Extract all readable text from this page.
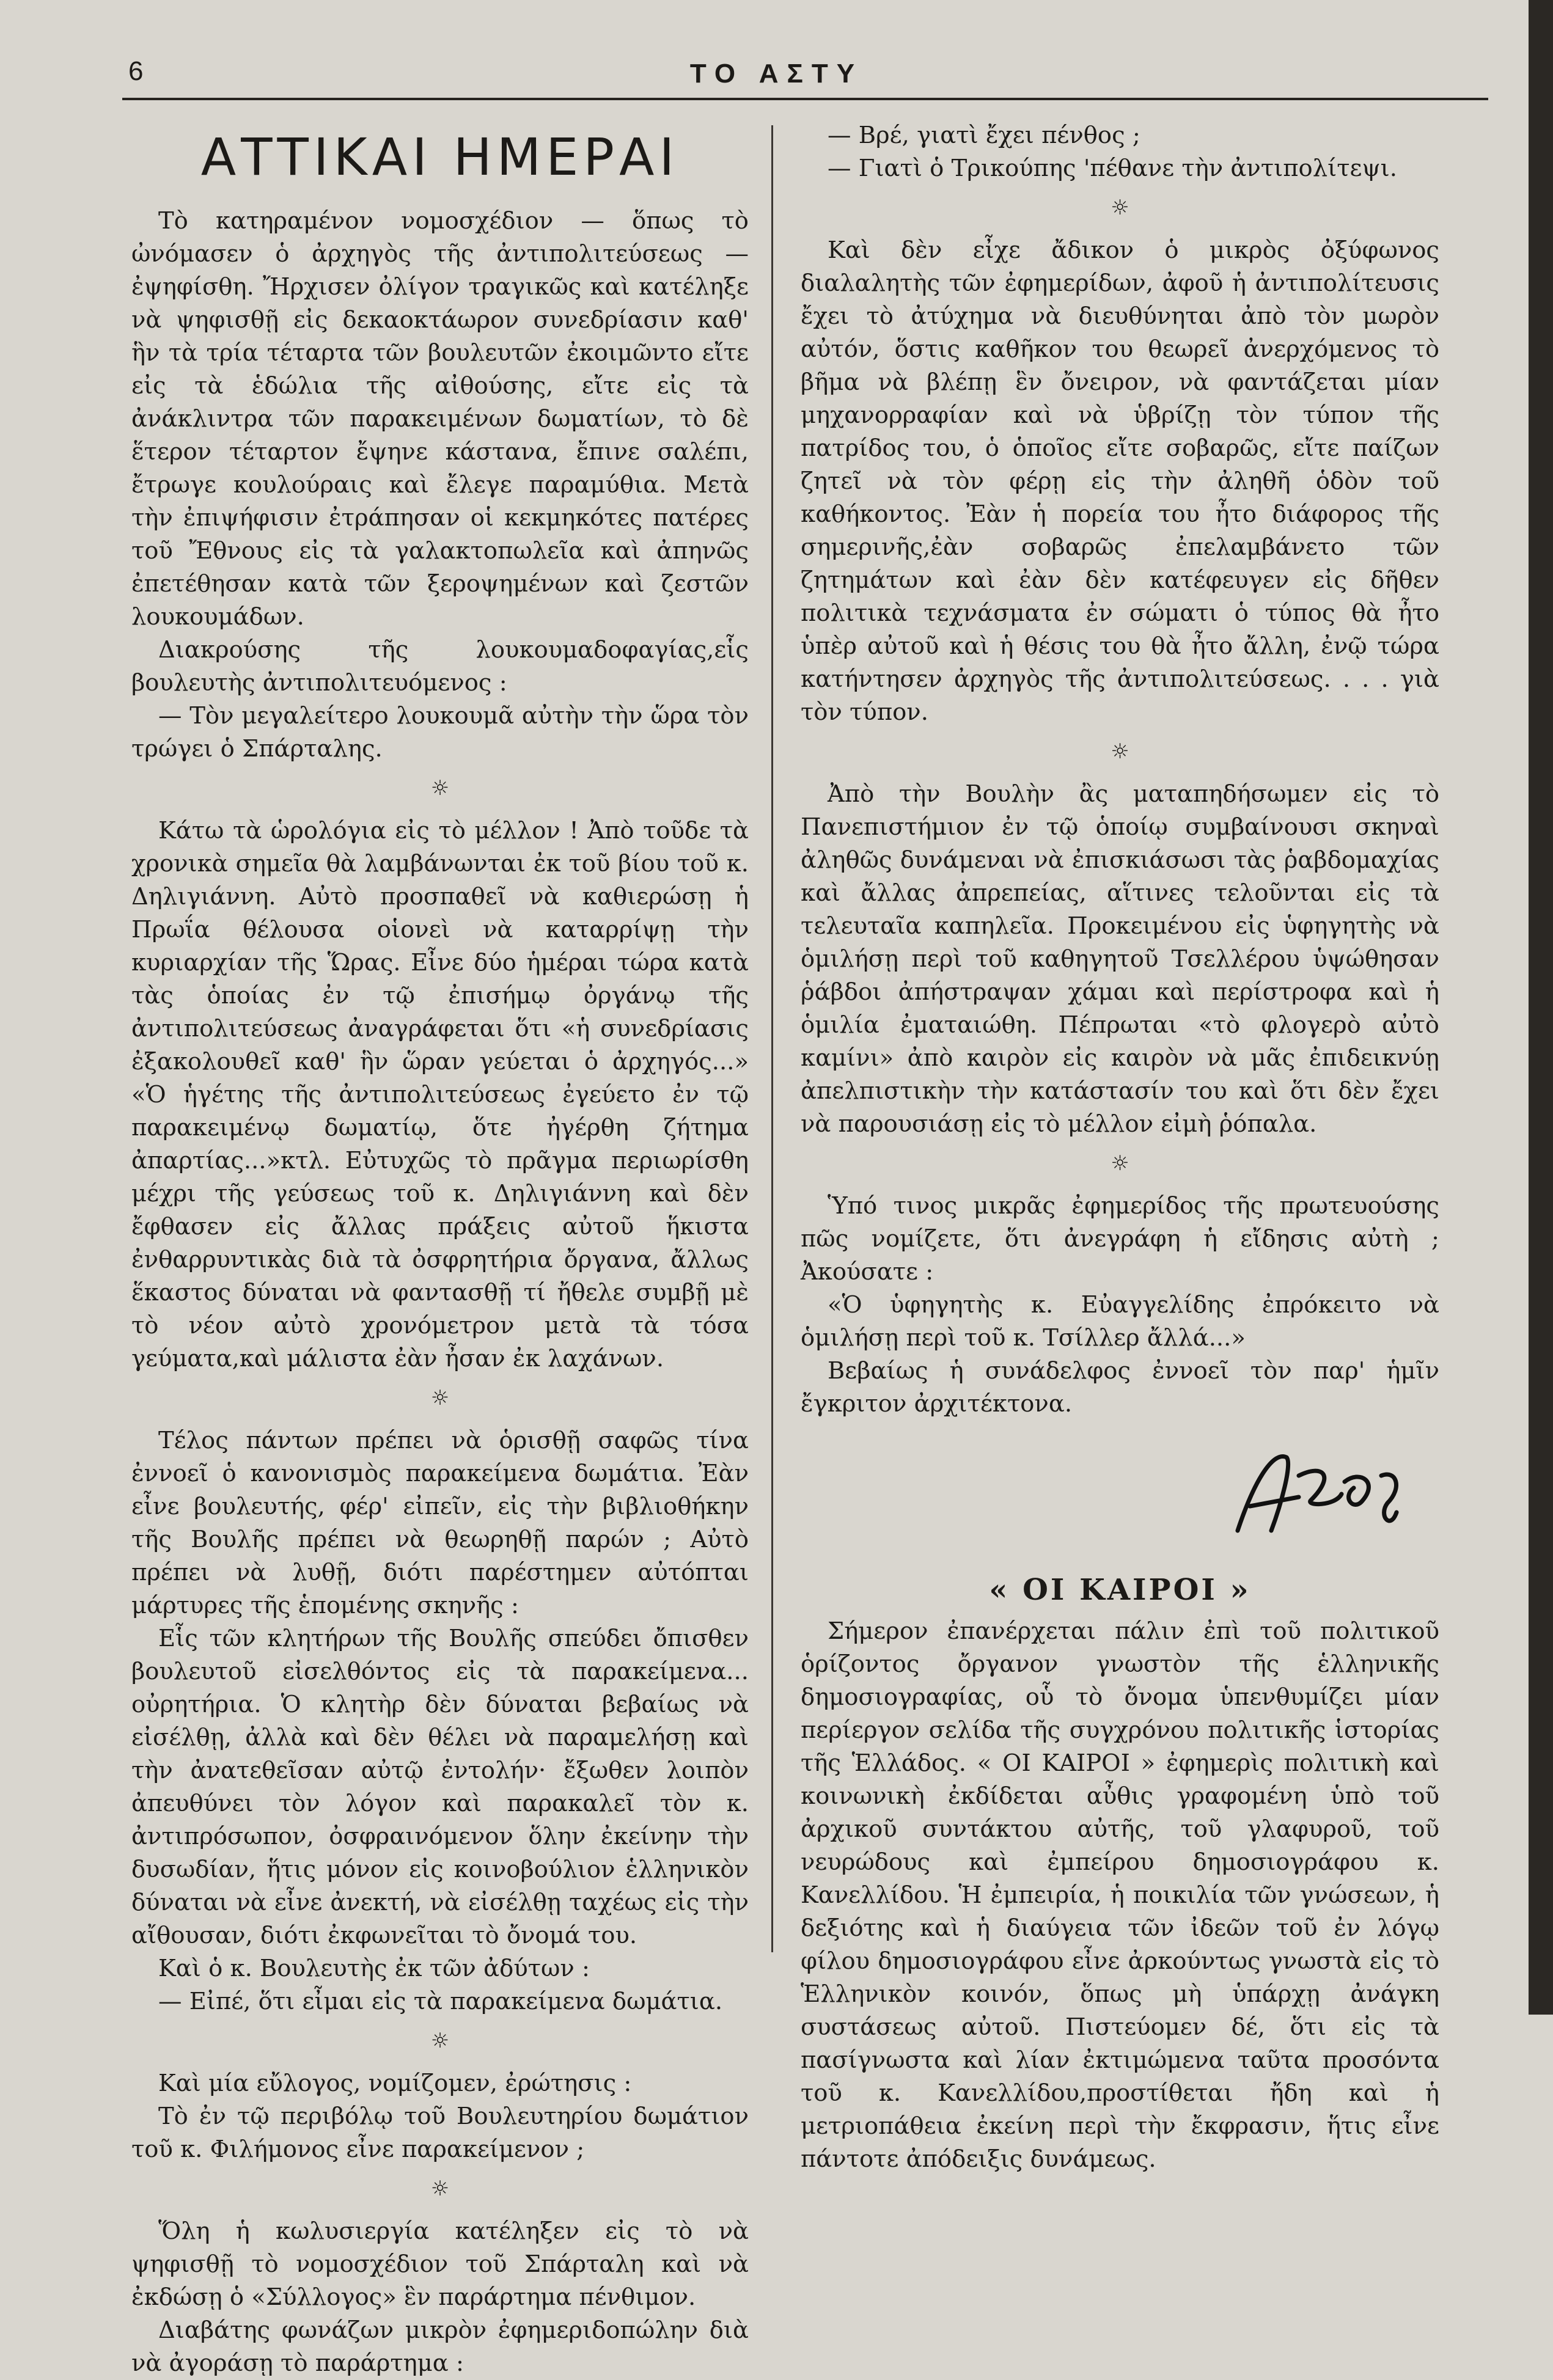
6	ΤΟ ΑΣΤΥ
ΑΤΤΙΚΑΙ ΗΜΕΡΑΙ

Τὸ κατηραμένον νομοσχέδιον — ὅπως τὸ ὠνόμασεν ὁ ἀρχηγὸς τῆς ἀντιπολιτεύσεως — ἐψηφίσθη. Ἤρχισεν ὀλίγον τραγικῶς καὶ κατέληξε νὰ ψηφισθῇ εἰς δεκαοκτάωρον συνεδρίασιν καθ' ἣν τὰ τρία τέταρτα τῶν βουλευτῶν ἐκοιμῶντο εἴτε εἰς τὰ ἑδώλια τῆς αἰθούσης, εἴτε εἰς τὰ ἀνάκλιντρα τῶν παρακειμένων δωματίων, τὸ δὲ ἕτερον τέταρτον ἔψηνε κάστανα, ἔπινε σαλέπι, ἔτρωγε κουλούραις καὶ ἔλεγε παραμύθια. Μετὰ τὴν ἐπιψήφισιν ἐτράπησαν οἱ κεκμηκότες πατέρες τοῦ Ἔθνους εἰς τὰ γαλακτοπωλεῖα καὶ ἀπηνῶς ἐπετέθησαν κατὰ τῶν ξεροψημένων καὶ ζεστῶν λουκουμάδων.

Διακρούσης τῆς λουκουμαδοφαγίας,εἷς βουλευτὴς ἀντιπολιτευόμενος :

— Τὸν μεγαλείτερο λουκουμᾶ αὐτὴν τὴν ὥρα τὸν τρώγει ὁ Σπάρταλης.

☼

Κάτω τὰ ὡρολόγια εἰς τὸ μέλλον ! Ἀπὸ τοῦδε τὰ χρονικὰ σημεῖα θὰ λαμβάνωνται ἐκ τοῦ βίου τοῦ κ. Δηλιγιάννη. Αὐτὸ προσπαθεῖ νὰ καθιερώσῃ ἡ Πρωΐα θέλουσα οἱονεὶ νὰ καταρρίψῃ τὴν κυριαρχίαν τῆς Ὥρας. Εἶνε δύο ἡμέραι τώρα κατὰ τὰς ὁποίας ἐν τῷ ἐπισήμῳ ὀργάνῳ τῆς ἀντιπολιτεύσεως ἀναγράφεται ὅτι «ἡ συνεδρίασις ἐξακολουθεῖ καθ' ἣν ὥραν γεύεται ὁ ἀρχηγός...» «Ὁ ἡγέτης τῆς ἀντιπολιτεύσεως ἐγεύετο ἐν τῷ παρακειμένῳ δωματίῳ, ὅτε ἠγέρθη ζήτημα ἀπαρτίας...»κτλ. Εὐτυχῶς τὸ πρᾶγμα περιωρίσθη μέχρι τῆς γεύσεως τοῦ κ. Δηλιγιάννη καὶ δὲν ἔφθασεν εἰς ἄλλας πράξεις αὐτοῦ ἥκιστα ἐνθαρρυντικὰς διὰ τὰ ὀσφρητήρια ὄργανα, ἄλλως ἕκαστος δύναται νὰ φαντασθῇ τί ἤθελε συμβῇ μὲ τὸ νέον αὐτὸ χρονόμετρον μετὰ τὰ τόσα γεύματα,καὶ μάλιστα ἐὰν ἦσαν ἐκ λαχάνων.

☼

Τέλος πάντων πρέπει νὰ ὁρισθῇ σαφῶς τίνα ἐννοεῖ ὁ κανονισμὸς παρακείμενα δωμάτια. Ἐὰν εἶνε βουλευτής, φέρ' εἰπεῖν, εἰς τὴν βιβλιοθήκην τῆς Βουλῆς πρέπει νὰ θεωρηθῇ παρών ; Αὐτὸ πρέπει νὰ λυθῇ, διότι παρέστημεν αὐτόπται μάρτυρες τῆς ἑπομένης σκηνῆς :

Εἷς τῶν κλητήρων τῆς Βουλῆς σπεύδει ὄπισθεν βουλευτοῦ εἰσελθόντος εἰς τὰ παρακείμενα... οὐρητήρια. Ὁ κλητὴρ δὲν δύναται βεβαίως νὰ εἰσέλθῃ, ἀλλὰ καὶ δὲν θέλει νὰ παραμελήσῃ καὶ τὴν ἀνατεθεῖσαν αὐτῷ ἐντολήν· ἔξωθεν λοιπὸν ἀπευθύνει τὸν λόγον καὶ παρακαλεῖ τὸν κ. ἀντιπρόσωπον, ὀσφραινόμενον ὅλην ἐκείνην τὴν δυσωδίαν, ἥτις μόνον εἰς κοινοβούλιον ἑλληνικὸν δύναται νὰ εἶνε ἀνεκτή, νὰ εἰσέλθῃ ταχέως εἰς τὴν αἴθουσαν, διότι ἐκφωνεῖται τὸ ὄνομά του.

Καὶ ὁ κ. Βουλευτὴς ἐκ τῶν ἀδύτων :

— Εἰπέ, ὅτι εἶμαι εἰς τὰ παρακείμενα δωμάτια.

☼

Καὶ μία εὔλογος, νομίζομεν, ἐρώτησις :

Τὸ ἐν τῷ περιβόλῳ τοῦ Βουλευτηρίου δωμάτιον τοῦ κ. Φιλήμονος εἶνε παρακείμενον ;

☼

Ὅλη ἡ κωλυσιεργία κατέληξεν εἰς τὸ νὰ ψηφισθῇ τὸ νομοσχέδιον τοῦ Σπάρταλη καὶ νὰ ἐκδώσῃ ὁ «Σύλλογος» ἓν παράρτημα πένθιμον.

Διαβάτης φωνάζων μικρὸν ἐφημεριδοπώλην διὰ νὰ ἀγοράσῃ τὸ παράρτημα :

— Βρέ, γιατὶ ἔχει πένθος ;

— Γιατὶ ὁ Τρικούπης 'πέθανε τὴν ἀντιπολίτεψι.

☼

Καὶ δὲν εἶχε ἄδικον ὁ μικρὸς ὀξύφωνος διαλαλητὴς τῶν ἐφημερίδων, ἀφοῦ ἡ ἀντιπολίτευσις ἔχει τὸ ἀτύχημα νὰ διευθύνηται ἀπὸ τὸν μωρὸν αὐτόν, ὅστις καθῆκον του θεωρεῖ ἀνερχόμενος τὸ βῆμα νὰ βλέπῃ ἓν ὄνειρον, νὰ φαντάζεται μίαν μηχανορραφίαν καὶ νὰ ὑβρίζῃ τὸν τύπον τῆς πατρίδος του, ὁ ὁποῖος εἴτε σοβαρῶς, εἴτε παίζων ζητεῖ νὰ τὸν φέρῃ εἰς τὴν ἀληθῆ ὁδὸν τοῦ καθήκοντος. Ἐὰν ἡ πορεία του ἦτο διάφορος τῆς σημερινῆς,ἐὰν σοβαρῶς ἐπελαμβάνετο τῶν ζητημάτων καὶ ἐὰν δὲν κατέφευγεν εἰς δῆθεν πολιτικὰ τεχνάσματα ἐν σώματι ὁ τύπος θὰ ἦτο ὑπὲρ αὐτοῦ καὶ ἡ θέσις του θὰ ἦτο ἄλλη, ἐνῷ τώρα κατήντησεν ἀρχηγὸς τῆς ἀντιπολιτεύσεως. . . . γιὰ τὸν τύπον.

☼

Ἀπὸ τὴν Βουλὴν ἂς ματαπηδήσωμεν εἰς τὸ Πανεπιστήμιον ἐν τῷ ὁποίῳ συμβαίνουσι σκηναὶ ἀληθῶς δυνάμεναι νὰ ἐπισκιάσωσι τὰς ῥαβδομαχίας καὶ ἄλλας ἀπρεπείας, αἵτινες τελοῦνται εἰς τὰ τελευταῖα καπηλεῖα. Προκειμένου εἰς ὑφηγητὴς νὰ ὁμιλήσῃ περὶ τοῦ καθηγητοῦ Τσελλέρου ὑψώθησαν ῥάβδοι ἀπήστραψαν χάμαι καὶ περίστροφα καὶ ἡ ὁμιλία ἐματαιώθη. Πέπρωται «τὸ φλογερὸ αὐτὸ καμίνι» ἀπὸ καιρὸν εἰς καιρὸν νὰ μᾶς ἐπιδεικνύῃ ἀπελπιστικὴν τὴν κατάστασίν του καὶ ὅτι δὲν ἔχει νὰ παρουσιάσῃ εἰς τὸ μέλλον εἰμὴ ῥόπαλα.

☼

Ὑπό τινος μικρᾶς ἐφημερίδος τῆς πρωτευούσης πῶς νομίζετε, ὅτι ἀνεγράφη ἡ εἴδησις αὐτὴ ; Ἀκούσατε :

«Ὁ ὑφηγητὴς κ. Εὐαγγελίδης ἐπρόκειτο νὰ ὁμιλήσῃ περὶ τοῦ κ. Τσίλλερ ἄλλά...»

Βεβαίως ἡ συνάδελφος ἐννοεῖ τὸν παρ' ἡμῖν ἔγκριτον ἀρχιτέκτονα.

« ΟΙ ΚΑΙΡΟΙ »

Σήμερον ἐπανέρχεται πάλιν ἐπὶ τοῦ πολιτικοῦ ὁρίζοντος ὄργανον γνωστὸν τῆς ἑλληνικῆς δημοσιογραφίας, οὗ τὸ ὄνομα ὑπενθυμίζει μίαν περίεργον σελίδα τῆς συγχρόνου πολιτικῆς ἱστορίας τῆς Ἑλλάδος. « ΟΙ ΚΑΙΡΟΙ » ἐφημερὶς πολιτικὴ καὶ κοινωνικὴ ἐκδίδεται αὖθις γραφομένη ὑπὸ τοῦ ἀρχικοῦ συντάκτου αὐτῆς, τοῦ γλαφυροῦ, τοῦ νευρώδους καὶ ἐμπείρου δημοσιογράφου κ. Κανελλίδου. Ἡ ἐμπειρία, ἡ ποικιλία τῶν γνώσεων, ἡ δεξιότης καὶ ἡ διαύγεια τῶν ἰδεῶν τοῦ ἐν λόγῳ φίλου δημοσιογράφου εἶνε ἀρκούντως γνωστὰ εἰς τὸ Ἑλληνικὸν κοινόν, ὅπως μὴ ὑπάρχῃ ἀνάγκη συστάσεως αὐτοῦ. Πιστεύομεν δέ, ὅτι εἰς τὰ πασίγνωστα καὶ λίαν ἐκτιμώμενα ταῦτα προσόντα τοῦ κ. Κανελλίδου,προστίθεται ἤδη καὶ ἡ μετριοπάθεια ἐκείνη περὶ τὴν ἔκφρασιν, ἥτις εἶνε πάντοτε ἀπόδειξις δυνάμεως.
